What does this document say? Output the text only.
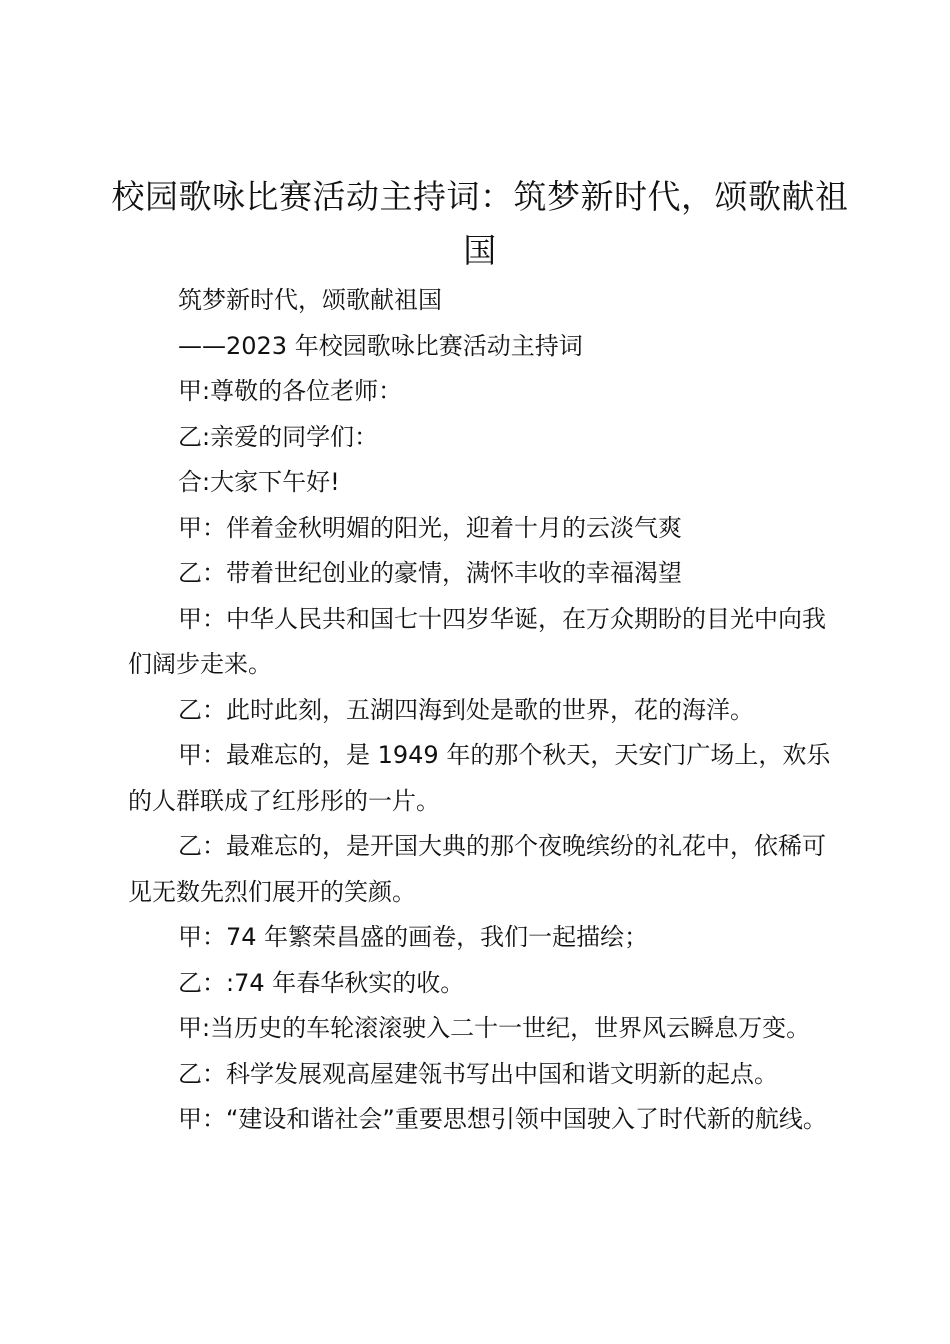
校园歌咏比赛活动主持词：筑梦新时代，颂歌献祖国

筑梦新时代，颂歌献祖国

——2023 年校园歌咏比赛活动主持词

甲:尊敬的各位老师：

乙:亲爱的同学们：

合:大家下午好!

甲：伴着金秋明媚的阳光，迎着十月的云淡气爽

乙：带着世纪创业的豪情，满怀丰收的幸福渴望

甲：中华人民共和国七十四岁华诞，在万众期盼的目光中向我们阔步走来。

乙：此时此刻，五湖四海到处是歌的世界，花的海洋。

甲：最难忘的，是 1949 年的那个秋天，天安门广场上，欢乐的人群联成了红彤彤的一片。

乙：最难忘的，是开国大典的那个夜晚缤纷的礼花中，依稀可见无数先烈们展开的笑颜。

甲：74 年繁荣昌盛的画卷，我们一起描绘；

乙：:74 年春华秋实的收。

甲:当历史的车轮滚滚驶入二十一世纪，世界风云瞬息万变。

乙：科学发展观高屋建瓴书写出中国和谐文明新的起点。

甲：“建设和谐社会”重要思想引领中国驶入了时代新的航线。
